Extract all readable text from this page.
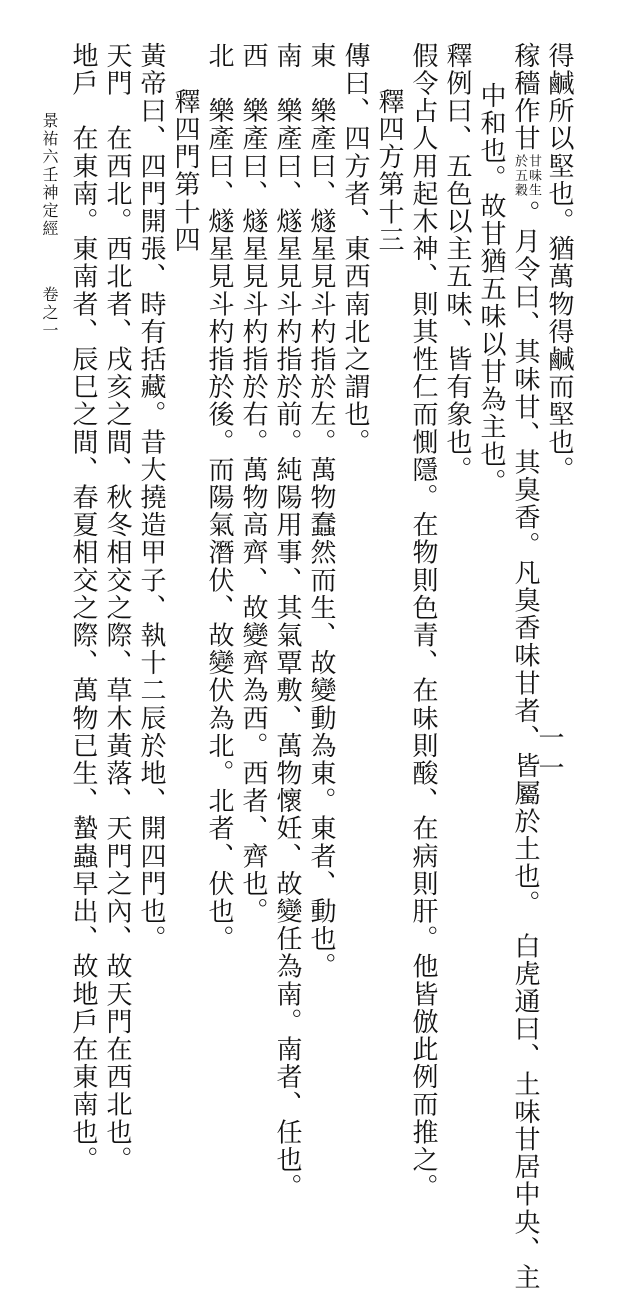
得鹹所以堅也。猶萬物得鹹而堅也。
稼穡作甘甘味生
於五穀。月令曰、其味甘、其臭香。凡臭香味甘者、皆屬於土也。　白虎通曰、土味甘居中央、主
中和也。故甘猶五味以甘為主也。
釋例曰、五色以主五味、皆有象也。
假令占人用起木神、則其性仁而惻隱。在物則色青、在味則酸、在病則肝。他皆倣此例而推之。
釋四方第十三
傳曰、四方者、東西南北之謂也。
東　樂產曰、燧星見斗杓指於左。萬物蠢然而生、故變動為東。東者、動也。
南　樂產曰、燧星見斗杓指於前。純陽用事、其氣覃敷、萬物懷妊、故變任為南。南者、任也。
西　樂產曰、燧星見斗杓指於右。萬物高齊、故變齊為西。西者、齊也。
北　樂產曰、燧星見斗杓指於後。而陽氣潛伏、故變伏為北。北者、伏也。
釋四門第十四
黃帝曰、四門開張、時有括藏。昔大撓造甲子、執十二辰於地、開四門也。
天門　在西北。西北者、戌亥之間、秋冬相交之際、草木黃落、天門之內、故天門在西北也。
地戶　在東南。東南者、辰巳之間、春夏相交之際、萬物已生、蟄蟲早出、故地戶在東南也。
景祐六壬神定經
卷之一
一一
